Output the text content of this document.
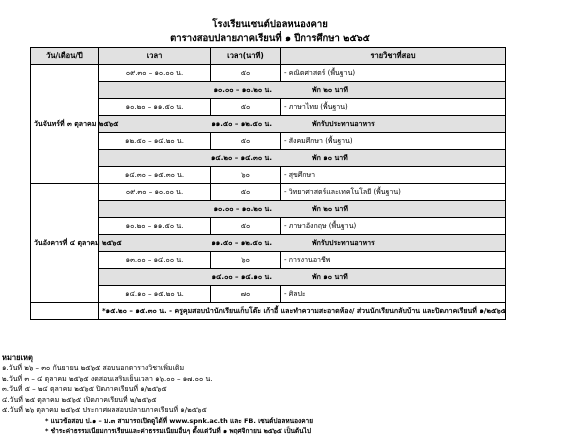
โรงเรียนเซนต์ปอลหนองคาย
ตารางสอบปลายภาคเรียนที่ ๑ ปีการศึกษา ๒๕๖๕
วัน/เดือน/ปี	เวลา	เวลา(นาที)	รายวิชาที่สอบ
วันจันทร์ที่ ๓ ตุลาคม ๒๕๖๕	๐๙.๓๐ – ๑๐.๐๐ น.	๕๐	- คณิตศาสตร์ (พื้นฐาน)
	๑๐.๐๐ – ๑๐.๒๐ น. พัก ๒๐ นาที		
	๑๐.๒๐ – ๑๑.๕๐ น.	๕๐	- ภาษาไทย (พื้นฐาน)
	๑๑.๕๐ – ๑๒.๕๐ น. พักรับประทานอาหาร		
	๑๒.๕๐ – ๑๔.๒๐ น.	๕๐	- สังคมศึกษา (พื้นฐาน)
	๑๔.๒๐ – ๑๔.๓๐ น. พัก ๑๐ นาที		
	๑๔.๓๐ – ๑๕.๓๐ น.	๖๐	- สุขศึกษา
วันอังคารที่ ๔ ตุลาคม ๒๕๖๕	๐๙.๓๐ – ๑๐.๐๐ น.	๕๐	- วิทยาศาสตร์และเทคโนโลยี (พื้นฐาน)
	๑๐.๐๐ – ๑๐.๒๐ น. พัก ๒๐ นาที		
	๑๐.๒๐ – ๑๑.๕๐ น.	๕๐	- ภาษาอังกฤษ (พื้นฐาน)
	๑๑.๕๐ – ๑๒.๕๐ น. พักรับประทานอาหาร		
	๑๓.๐๐ – ๑๔.๐๐ น.	๖๐	- การงานอาชีพ
	๑๔.๐๐ – ๑๔.๑๐ น. พัก ๑๐ นาที		
	๑๔.๑๐ – ๑๕.๒๐ น.	๗๐	- ศิลปะ
	*๑๕.๒๐ – ๑๕.๓๐ น. - ครูคุมสอบนำนักเรียนเก็บโต๊ะ เก้าอี้ และทำความสะอาดห้อง/ ส่วนนักเรียนกลับบ้าน และปิดภาคเรียนที่ ๑/๒๕๖๕		
หมายเหตุ
๑.วันที่ ๒๖ – ๓๐ กันยายน ๒๕๖๕ สอบนอกตารางวิชาเพิ่มเติม
๒.วันที่ ๓ – ๔ ตุลาคม ๒๕๖๕ งดสอนเสริมเย็นเวลา ๑๖.๐๐ – ๑๗.๐๐ น.
๓.วันที่ ๕ – ๒๔ ตุลาคม ๒๕๖๕ ปิดภาคเรียนที่ ๑/๒๕๖๕
๔.วันที่ ๒๕ ตุลาคม ๒๕๖๕ เปิดภาคเรียนที่ ๒/๒๕๖๕
๕.วันที่ ๒๖ ตุลาคม ๒๕๖๕ ประกาศผลสอบปลายภาคเรียนที่ ๑/๒๕๖๕
* แนวข้อสอบ ป.๑ – ม.๓ สามารถเปิดดูได้ที่ www.spnk.ac.th และ FB. เซนต์ปอลหนองคาย
* ชำระค่าธรรมเนียมการเรียนและค่าธรรมเนียมอื่นๆ ตั้งแต่วันที่ ๑ พฤศจิกายน ๒๕๖๕ เป็นต้นไป
